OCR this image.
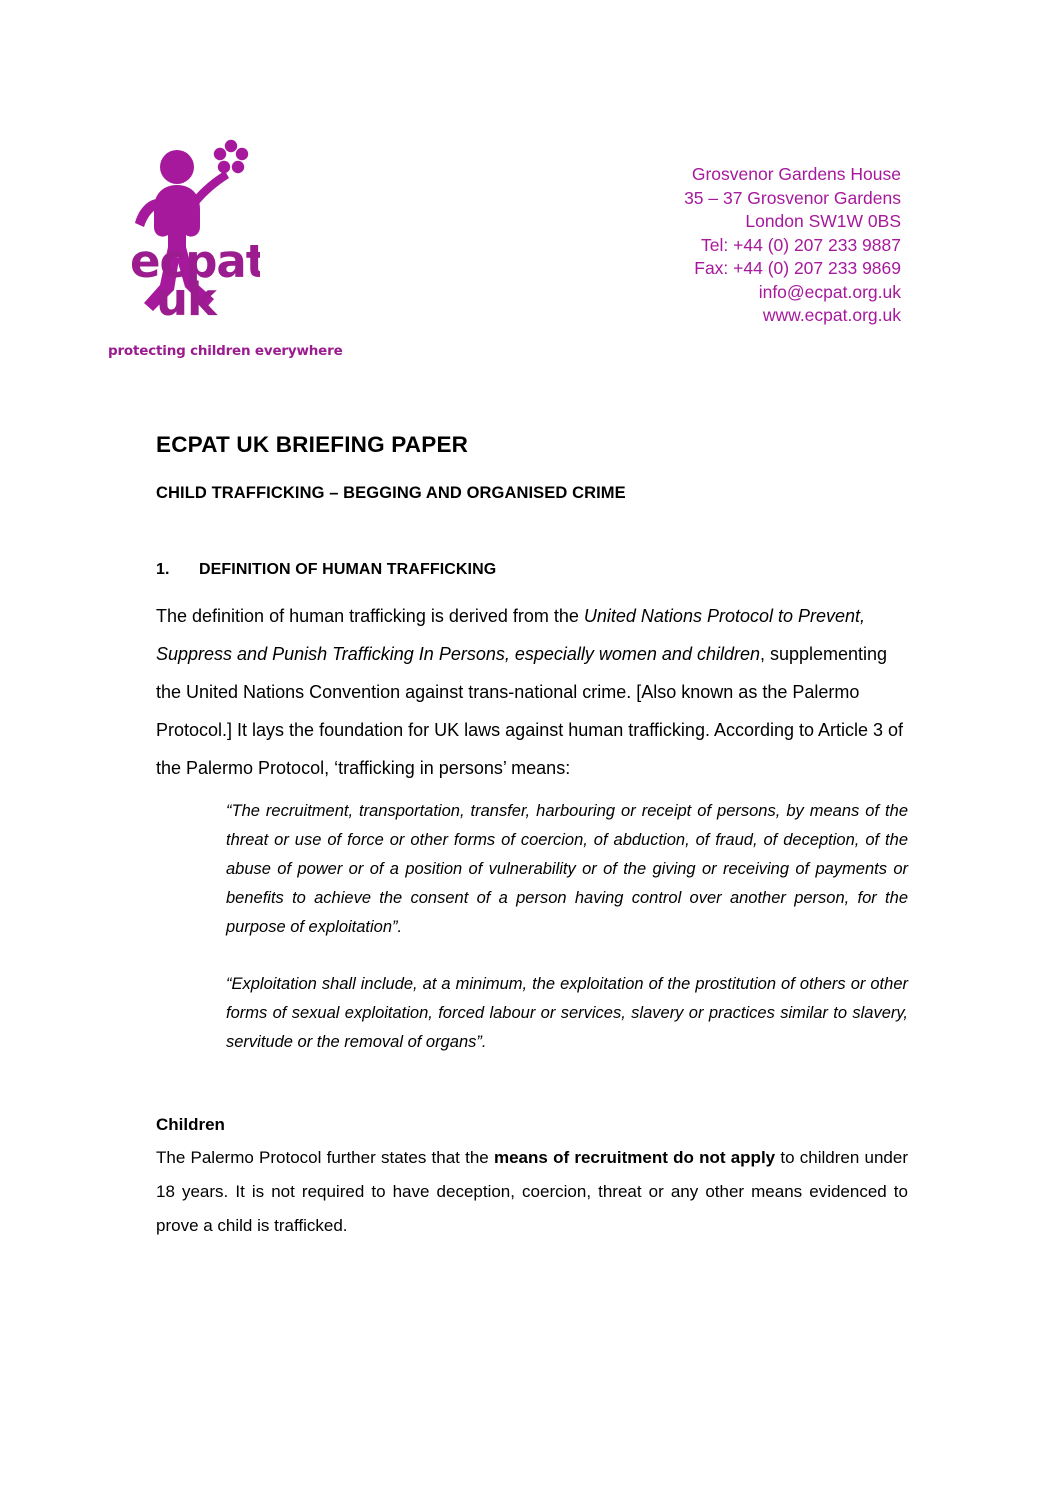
ecpat
uk
protecting children everywhere
Grosvenor Gardens House
35 – 37 Grosvenor Gardens
London SW1W 0BS
Tel: +44 (0) 207 233 9887
Fax: +44 (0) 207 233 9869
info@ecpat.org.uk
www.ecpat.org.uk
ECPAT UK BRIEFING PAPER
CHILD TRAFFICKING – BEGGING AND ORGANISED CRIME
1. DEFINITION OF HUMAN TRAFFICKING

The definition of human trafficking is derived from the United Nations Protocol to Prevent, Suppress and Punish Trafficking In Persons, especially women and children, supplementing the United Nations Convention against trans-national crime. [Also known as the Palermo Protocol.] It lays the foundation for UK laws against human trafficking. According to Article 3 of the Palermo Protocol, ‘trafficking in persons’ means:

“The recruitment, transportation, transfer, harbouring or receipt of persons, by means of the threat or use of force or other forms of coercion, of abduction, of fraud, of deception, of the abuse of power or of a position of vulnerability or of the giving or receiving of payments or benefits to achieve the consent of a person having control over another person, for the purpose of exploitation”.

“Exploitation shall include, at a minimum, the exploitation of the prostitution of others or other forms of sexual exploitation, forced labour or services, slavery or practices similar to slavery, servitude or the removal of organs”.

Children

The Palermo Protocol further states that the means of recruitment do not apply to children under 18 years. It is not required to have deception, coercion, threat or any other means evidenced to prove a child is trafficked.
